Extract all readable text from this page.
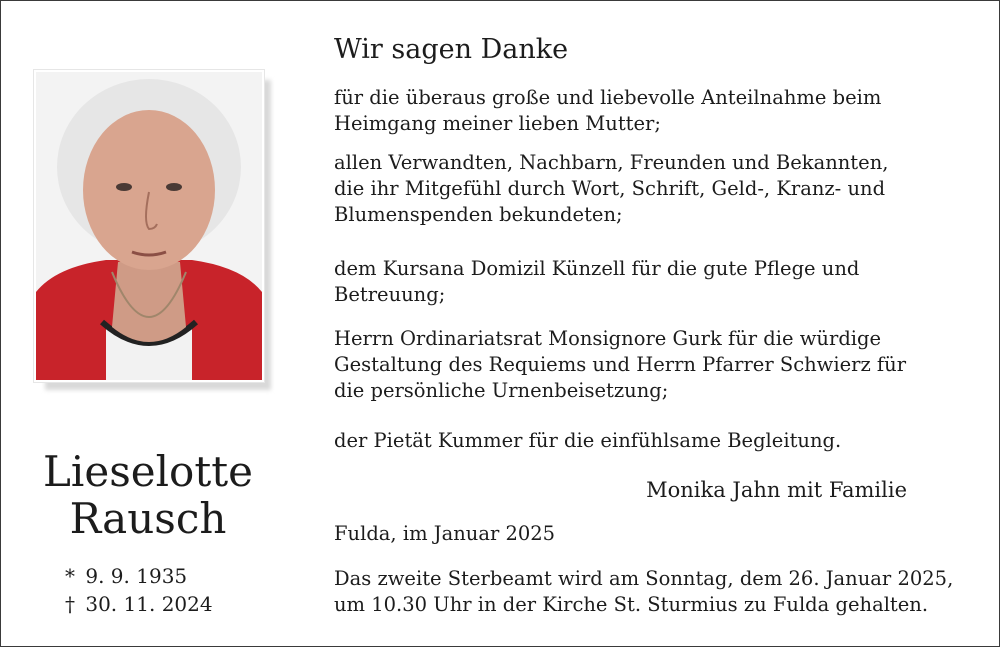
Lieselotte
Rausch
* 9. 9. 1935
† 30. 11. 2024
Wir sagen Danke
für die überaus große und liebevolle Anteilnahme beim
Heimgang meiner lieben Mutter;
allen Verwandten, Nachbarn, Freunden und Bekannten,
die ihr Mitgefühl durch Wort, Schrift, Geld-, Kranz- und
Blumenspenden bekundeten;
dem Kursana Domizil Künzell für die gute Pflege und
Betreuung;
Herrn Ordinariatsrat Monsignore Gurk für die würdige
Gestaltung des Requiems und Herrn Pfarrer Schwierz für
die persönliche Urnenbeisetzung;
der Pietät Kummer für die einfühlsame Begleitung.
Monika Jahn mit Familie
Fulda, im Januar 2025
Das zweite Sterbeamt wird am Sonntag, dem 26. Januar 2025,
um 10.30 Uhr in der Kirche St. Sturmius zu Fulda gehalten.
